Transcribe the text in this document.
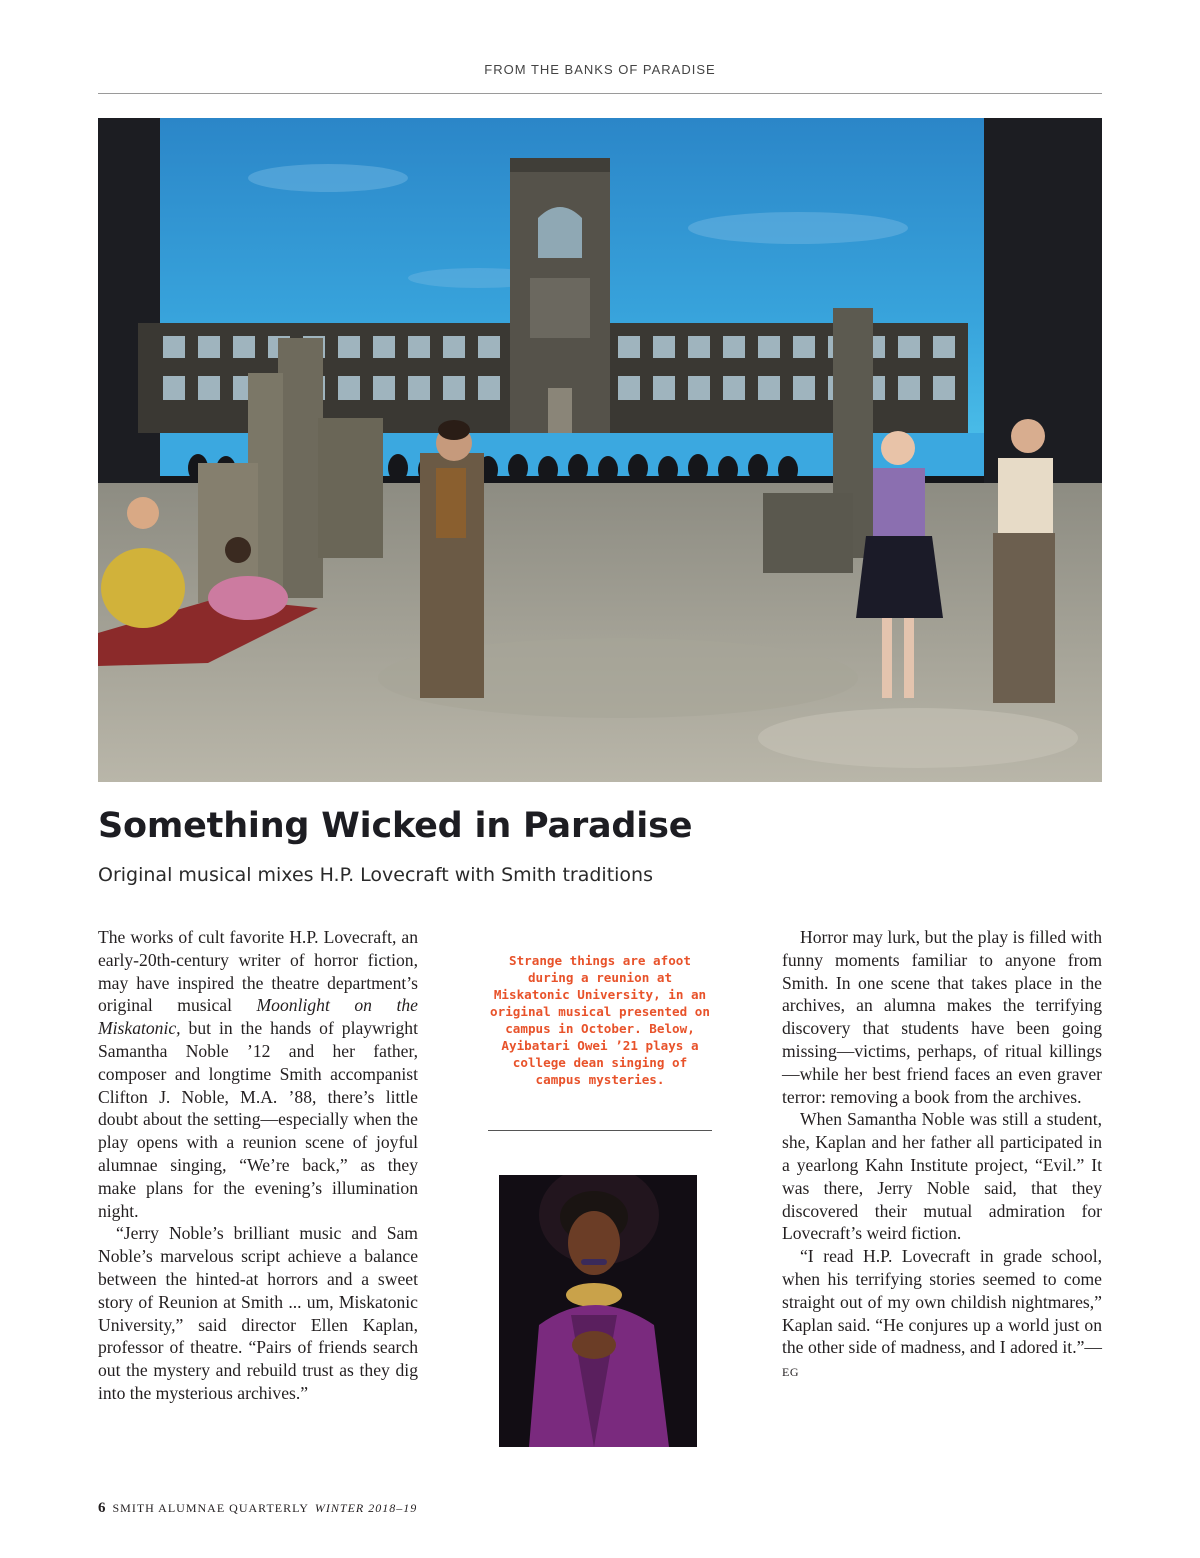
FROM THE BANKS OF PARADISE
Something Wicked in Paradise
Original musical mixes H.P. Lovecraft with Smith traditions

The works of cult favorite H.P. Lovecraft, an early-20th-century writer of horror fiction, may have inspired the theatre department’s original musical Moonlight on the Miskatonic, but in the hands of playwright Samantha Noble ’12 and her father, composer and longtime Smith accompanist Clifton J. Noble, M.A. ’88, there’s little doubt about the setting—especially when the play opens with a reunion scene of joyful alumnae singing, “We’re back,” as they make plans for the evening’s illumination night.

“Jerry Noble’s brilliant music and Sam Noble’s marvelous script achieve a balance between the hinted-at horrors and a sweet story of Reunion at Smith ... um, Miskatonic University,” said director Ellen Kaplan, professor of theatre. “Pairs of friends search out the mystery and rebuild trust as they dig into the mysterious archives.”

Strange things are afoot during a reunion at Miskatonic University, in an original musical presented on campus in October. Below, Ayibatari Owei ’21 plays a college dean singing of campus mysteries.

Horror may lurk, but the play is filled with funny moments familiar to anyone from Smith. In one scene that takes place in the archives, an alumna makes the terrifying discovery that students have been going missing—victims, perhaps, of ritual killings—while her best friend faces an even graver terror: removing a book from the archives.

When Samantha Noble was still a student, she, Kaplan and her father all participated in a yearlong Kahn Institute project, “Evil.” It was there, Jerry Noble said, that they discovered their mutual admiration for Lovecraft’s weird fiction.

“I read H.P. Lovecraft in grade school, when his terrifying stories seemed to come straight out of my own childish nightmares,” Kaplan said. “He conjures up a world just on the other side of madness, and I adored it.”—EG

6 SMITH ALUMNAE QUARTERLY WINTER 2018–19
